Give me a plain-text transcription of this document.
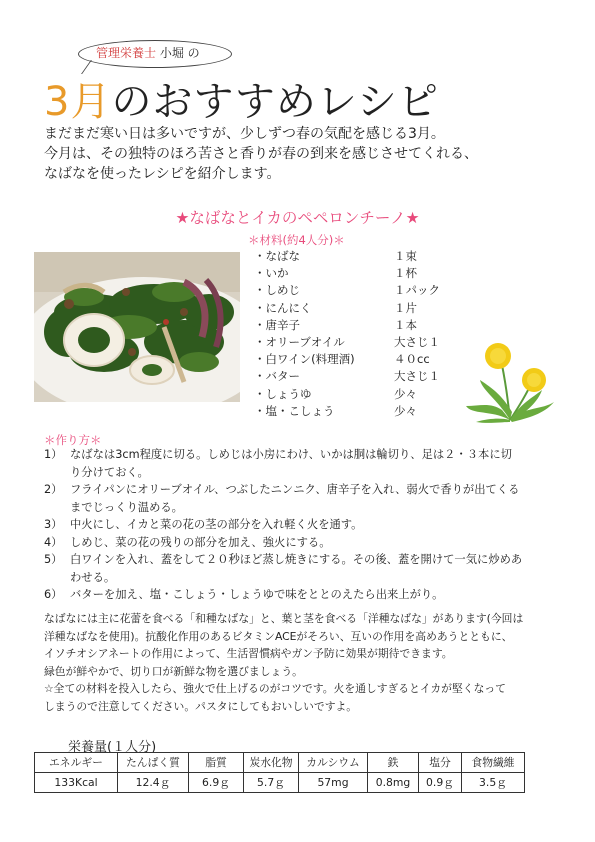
管理栄養士 小堀 の
3月のおすすめレシピ
まだまだ寒い日は多いですが、少しずつ春の気配を感じる3月。
今月は、その独特のほろ苦さと香りが春の到来を感じさせてくれる、
なばなを使ったレシピを紹介します。
★なばなとイカのペペロンチーノ★
＊材料(約4人分)＊
・なばな	１束
・いか	１杯
・しめじ	１パック
・にんにく	１片
・唐辛子	１本
・オリーブオイル	大さじ１
・白ワイン(料理酒)	４０cc
・バター	大さじ１
・しょうゆ	少々
・塩・こしょう	少々
＊作り方＊
1） なばなは3cm程度に切る。しめじは小房にわけ、いかは胴は輪切り、足は２・３本に切
り分けておく。
2） フライパンにオリーブオイル、つぶしたニンニク、唐辛子を入れ、弱火で香りが出てくる
までじっくり温める。
3） 中火にし、イカと菜の花の茎の部分を入れ軽く火を通す。
4） しめじ、菜の花の残りの部分を加え、強火にする。
5） 白ワインを入れ、蓋をして２０秒ほど蒸し焼きにする。その後、蓋を開けて一気に炒めあ
わせる。
6） バターを加え、塩・こしょう・しょうゆで味をととのえたら出来上がり。
なばなには主に花蕾を食べる「和種なばな」と、葉と茎を食べる「洋種なばな」があります(今回は
洋種なばなを使用)。抗酸化作用のあるビタミンACEがそろい、互いの作用を高めあうとともに、
イソチオシアネートの作用によって、生活習慣病やガン予防に効果が期待できます。
緑色が鮮やかで、切り口が新鮮な物を選びましょう。
☆全ての材料を投入したら、強火で仕上げるのがコツです。火を通しすぎるとイカが堅くなって
しまうので注意してください。パスタにしてもおいしいですよ。
栄養量(１人分)
エネルギー	たんぱく質	脂質	炭水化物	カルシウム	鉄	塩分	食物繊維
133Kcal	12.4ｇ	6.9ｇ	5.7ｇ	57mg	0.8mg	0.9ｇ	3.5ｇ
